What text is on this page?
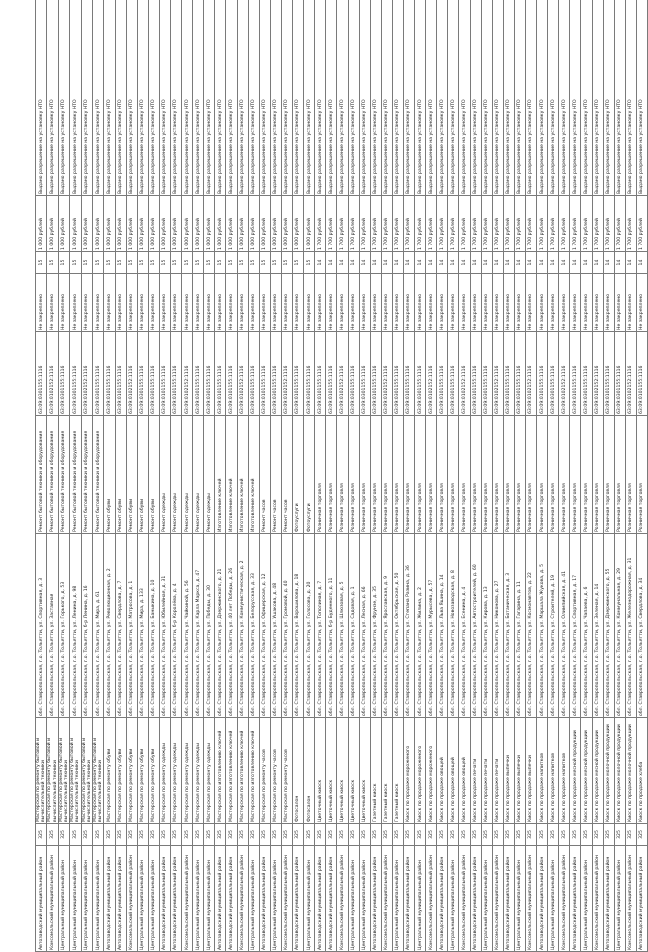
Автозаводский муниципальный район	325	Мастерская по ремонту бытовой и вычислительной техники	обл. Ставропольская, г.о. Тольятти, ул. Спортивная, д. 3	Ремонт бытовой техники и оборудования	63:09:0301155:1116	Не закреплено	15	1 000 рублей	Выдано разрешение на установку НТО
Комсомольский муниципальный район	325	Мастерская по ремонту бытовой и вычислительной техники	обл. Ставропольская, г.о. Тольятти, ул. Заставная	Ремонт бытовой техники и оборудования	63:09:0102152:1116	Не закреплено	15	1 000 рублей	Выдано разрешение на установку НТО
Центральный муниципальный район	325	Мастерская по ремонту бытовой и вычислительной техники	обл. Ставропольская, г.о. Тольятти, ул. Горького, д. 53	Ремонт бытовой техники и оборудования	63:09:0301155:1116	Не закреплено	15	1 000 рублей	Выдано разрешение на установку НТО
Центральный муниципальный район	325	Мастерская по ремонту бытовой и вычислительной техники	обл. Ставропольская, г.о. Тольятти, ул. Ленина, д. 98	Ремонт бытовой техники и оборудования	63:09:0301155:1116	Не закреплено	15	1 000 рублей	Выдано разрешение на установку НТО
Центральный муниципальный район	325	Мастерская по ремонту бытовой и вычислительной техники	обл. Ставропольская, г.о. Тольятти, б-р Ленина, д. 16	Ремонт бытовой техники и оборудования	63:09:0102152:1116	Не закреплено	15	1 000 рублей	Выдано разрешение на установку НТО
Центральный муниципальный район	325	Мастерская по ремонту бытовой и вычислительной техники	обл. Ставропольская, г.о. Тольятти, ул. Мира, д. 61	Ремонт бытовой техники и оборудования	63:09:0301155:1116	Не закреплено	15	1 000 рублей	Выдано разрешение на установку НТО
Автозаводский муниципальный район	325	Мастерская по ремонту обуви	обл. Ставропольская, г.о. Тольятти, ул. Революционная, д. 2	Ремонт обуви	63:09:0101155:1116	Не закреплено	15	1 000 рублей	Выдано разрешение на установку НТО
Автозаводский муниципальный район	325	Мастерская по ремонту обуви	обл. Ставропольская, г.о. Тольятти, ул. Свердлова, д. 7	Ремонт обуви	63:09:0101155:1116	Не закреплено	15	1 000 рублей	Выдано разрешение на установку НТО
Комсомольский муниципальный район	325	Мастерская по ремонту обуви	обл. Ставропольская, г.о. Тольятти, ул. Матросова, д. 1	Ремонт обуви	63:09:0102152:1116	Не закреплено	15	1 000 рублей	Выдано разрешение на установку НТО
Центральный муниципальный район	325	Мастерская по ремонту обуви	обл. Ставропольская, г.о. Тольятти, ул. Мира, д. 133	Ремонт обуви	63:09:0301155:1116	Не закреплено	15	1 000 рублей	Выдано разрешение на установку НТО
Центральный муниципальный район	325	Мастерская по ремонту обуви	обл. Ставропольская, г.о. Тольятти, ул. Баныкина, д. 10	Ремонт обуви	63:09:0301155:1116	Не закреплено	15	1 000 рублей	Выдано разрешение на установку НТО
Автозаводский муниципальный район	325	Мастерская по ремонту одежды	обл. Ставропольская, г.о. Тольятти, ул. Юбилейная, д. 31	Ремонт одежды	63:09:0101155:1116	Не закреплено	15	1 000 рублей	Выдано разрешение на установку НТО
Автозаводский муниципальный район	325	Мастерская по ремонту одежды	обл. Ставропольская, г.о. Тольятти, б-р Королёва, д. 4	Ремонт одежды	63:09:0101155:1116	Не закреплено	15	1 000 рублей	Выдано разрешение на установку НТО
Комсомольский муниципальный район	325	Мастерская по ремонту одежды	обл. Ставропольская, г.о. Тольятти, ул. Чайкиной, д. 56	Ремонт одежды	63:09:0102152:1116	Не закреплено	15	1 000 рублей	Выдано разрешение на установку НТО
Центральный муниципальный район	325	Мастерская по ремонту одежды	обл. Ставропольская, г.о. Тольятти, ул. Карла Маркса, д. 47	Ремонт одежды	63:09:0301155:1116	Не закреплено	15	1 000 рублей	Выдано разрешение на установку НТО
Центральный муниципальный район	325	Мастерская по ремонту одежды	обл. Ставропольская, г.о. Тольятти, ул. Победы, д. 30	Ремонт одежды	63:09:0301155:1116	Не закреплено	15	1 000 рублей	Выдано разрешение на установку НТО
Автозаводский муниципальный район	325	Мастерская по изготовлению ключей	обл. Ставропольская, г.о. Тольятти, ул. Дзержинского, д. 21	Изготовление ключей	63:09:0101155:1116	Не закреплено	15	1 000 рублей	Выдано разрешение на установку НТО
Автозаводский муниципальный район	325	Мастерская по изготовлению ключей	обл. Ставропольская, г.о. Тольятти, ул. 40 лет Победы, д. 26	Изготовление ключей	63:09:0101155:1116	Не закреплено	15	1 000 рублей	Выдано разрешение на установку НТО
Комсомольский муниципальный район	325	Мастерская по изготовлению ключей	обл. Ставропольская, г.о. Тольятти, ул. Коммунистическая, д. 2	Изготовление ключей	63:09:0102152:1116	Не закреплено	15	1 000 рублей	Выдано разрешение на установку НТО
Центральный муниципальный район	325	Мастерская по изготовлению ключей	обл. Ставропольская, г.о. Тольятти, ул. Белорусская, д. 33	Изготовление ключей	63:09:0301155:1116	Не закреплено	15	1 000 рублей	Выдано разрешение на установку НТО
Автозаводский муниципальный район	325	Мастерская по ремонту часов	обл. Ставропольская, г.о. Тольятти, ул. Офицерская, д. 12	Ремонт часов	63:09:0101155:1116	Не закреплено	15	1 000 рублей	Выдано разрешение на установку НТО
Центральный муниципальный район	325	Мастерская по ремонту часов	обл. Ставропольская, г.о. Тольятти, ул. Ушакова, д. 48	Ремонт часов	63:09:0301155:1116	Не закреплено	15	1 000 рублей	Выдано разрешение на установку НТО
Комсомольский муниципальный район	325	Мастерская по ремонту часов	обл. Ставропольская, г.о. Тольятти, ул. Громовой, д. 40	Ремонт часов	63:09:0102152:1116	Не закреплено	15	1 000 рублей	Выдано разрешение на установку НТО
Автозаводский муниципальный район	325	Фотосалон	обл. Ставропольская, г.о. Тольятти, ул. Ворошилова, д. 18	Фотоуслуги	63:09:0101155:1116	Не закреплено	15	1 000 рублей	Выдано разрешение на установку НТО
Центральный муниципальный район	325	Фотосалон	обл. Ставропольская, г.о. Тольятти, ул. Голосова, д. 20	Фотоуслуги	63:09:0301155:1116	Не закреплено	15	1 000 рублей	Выдано разрешение на установку НТО
Автозаводский муниципальный район	325	Цветочный киоск	обл. Ставропольская, г.о. Тольятти, ул. Тополиная, д. 7	Розничная торговля	63:09:0101155:1116	Не закреплено	14	1 700 рублей	Выдано разрешение на установку НТО
Автозаводский муниципальный район	325	Цветочный киоск	обл. Ставропольская, г.о. Тольятти, б-р Буденного, д. 11	Розничная торговля	63:09:0101155:1116	Не закреплено	14	1 700 рублей	Выдано разрешение на установку НТО
Комсомольский муниципальный район	325	Цветочный киоск	обл. Ставропольская, г.о. Тольятти, ул. Шлюзовая, д. 5	Розничная торговля	63:09:0102152:1116	Не закреплено	14	1 700 рублей	Выдано разрешение на установку НТО
Центральный муниципальный район	325	Цветочный киоск	обл. Ставропольская, г.о. Тольятти, ул. Садовая, д. 1	Розничная торговля	63:09:0301155:1116	Не закреплено	14	1 700 рублей	Выдано разрешение на установку НТО
Центральный муниципальный район	325	Цветочный киоск	обл. Ставропольская, г.о. Тольятти, ул. Лесная, д. 66	Розничная торговля	63:09:0301155:1116	Не закреплено	14	1 700 рублей	Выдано разрешение на установку НТО
Автозаводский муниципальный район	325	Газетный киоск	обл. Ставропольская, г.о. Тольятти, ул. Фрунзе, д. 35	Розничная торговля	63:09:0101155:1116	Не закреплено	14	1 700 рублей	Выдано разрешение на установку НТО
Комсомольский муниципальный район	325	Газетный киоск	обл. Ставропольская, г.о. Тольятти, ул. Ярославская, д. 9	Розничная торговля	63:09:0102152:1116	Не закреплено	14	1 700 рублей	Выдано разрешение на установку НТО
Центральный муниципальный район	325	Газетный киоск	обл. Ставропольская, г.о. Тольятти, ул. Октябрьская, д. 50	Розничная торговля	63:09:0301155:1116	Не закреплено	14	1 700 рублей	Выдано разрешение на установку НТО
Автозаводский муниципальный район	325	Киоск по продаже мороженого	обл. Ставропольская, г.о. Тольятти, ул. Степана Разина, д. 36	Розничная торговля	63:09:0101155:1116	Не закреплено	14	1 700 рублей	Выдано разрешение на установку НТО
Центральный муниципальный район	325	Киоск по продаже мороженого	обл. Ставропольская, г.о. Тольятти, ул. Жилина, д. 2	Розничная торговля	63:09:0301155:1116	Не закреплено	14	1 700 рублей	Выдано разрешение на установку НТО
Комсомольский муниципальный район	325	Киоск по продаже мороженого	обл. Ставропольская, г.о. Тольятти, ул. Мурысева, д. 57	Розничная торговля	63:09:0102152:1116	Не закреплено	14	1 700 рублей	Выдано разрешение на установку НТО
Автозаводский муниципальный район	325	Киоск по продаже овощей	обл. Ставропольская, г.о. Тольятти, ул. Льва Яшина, д. 14	Розничная торговля	63:09:0101155:1116	Не закреплено	14	1 700 рублей	Выдано разрешение на установку НТО
Центральный муниципальный район	325	Киоск по продаже овощей	обл. Ставропольская, г.о. Тольятти, ул. Новозаводская, д. 8	Розничная торговля	63:09:0301155:1116	Не закреплено	14	1 700 рублей	Выдано разрешение на установку НТО
Комсомольский муниципальный район	325	Киоск по продаже овощей	обл. Ставропольская, г.о. Тольятти, ул. Есенина, д. 4	Розничная торговля	63:09:0102152:1116	Не закреплено	14	1 700 рублей	Выдано разрешение на установку НТО
Автозаводский муниципальный район	325	Киоск по продаже печати	обл. Ставропольская, г.о. Тольятти, ул. Автостроителей, д. 60	Розничная торговля	63:09:0101155:1116	Не закреплено	14	1 700 рублей	Выдано разрешение на установку НТО
Центральный муниципальный район	325	Киоск по продаже печати	обл. Ставропольская, г.о. Тольятти, ул. Кирова, д. 13	Розничная торговля	63:09:0301155:1116	Не закреплено	14	1 700 рублей	Выдано разрешение на установку НТО
Комсомольский муниципальный район	325	Киоск по продаже печати	обл. Ставропольская, г.о. Тольятти, ул. Никонова, д. 27	Розничная торговля	63:09:0102152:1116	Не закреплено	14	1 700 рублей	Выдано разрешение на установку НТО
Автозаводский муниципальный район	325	Киоск по продаже выпечки	обл. Ставропольская, г.о. Тольятти, ул. Ботаническая, д. 3	Розничная торговля	63:09:0101155:1116	Не закреплено	14	1 700 рублей	Выдано разрешение на установку НТО
Центральный муниципальный район	325	Киоск по продаже выпечки	обл. Ставропольская, г.о. Тольятти, ул. Гагарина, д. 11	Розничная торговля	63:09:0301155:1116	Не закреплено	14	1 700 рублей	Выдано разрешение на установку НТО
Комсомольский муниципальный район	325	Киоск по продаже выпечки	обл. Ставропольская, г.о. Тольятти, ул. Космонавтов, д. 22	Розничная торговля	63:09:0102152:1116	Не закреплено	14	1 700 рублей	Выдано разрешение на установку НТО
Автозаводский муниципальный район	325	Киоск по продаже напитков	обл. Ставропольская, г.о. Тольятти, ул. Маршала Жукова, д. 5	Розничная торговля	63:09:0101155:1116	Не закреплено	14	1 700 рублей	Выдано разрешение на установку НТО
Центральный муниципальный район	325	Киоск по продаже напитков	обл. Ставропольская, г.о. Тольятти, ул. Строителей, д. 19	Розничная торговля	63:09:0301155:1116	Не закреплено	14	1 700 рублей	Выдано разрешение на установку НТО
Комсомольский муниципальный район	325	Киоск по продаже напитков	обл. Ставропольская, г.о. Тольятти, ул. Олимпийская, д. 41	Розничная торговля	63:09:0102152:1116	Не закреплено	14	1 700 рублей	Выдано разрешение на установку НТО
Автозаводский муниципальный район	325	Киоск по продаже мясной продукции	обл. Ставропольская, г.о. Тольятти, ул. Спортивная, д. 17	Розничная торговля	63:09:0101155:1116	Не закреплено	14	1 700 рублей	Выдано разрешение на установку НТО
Центральный муниципальный район	325	Киоск по продаже мясной продукции	обл. Ставропольская, г.о. Тольятти, ул. Чапаева, д. 6	Розничная торговля	63:09:0301155:1116	Не закреплено	14	1 700 рублей	Выдано разрешение на установку НТО
Комсомольский муниципальный район	325	Киоск по продаже мясной продукции	обл. Ставропольская, г.о. Тольятти, ул. Зеленая, д. 14	Розничная торговля	63:09:0102152:1116	Не закреплено	14	1 700 рублей	Выдано разрешение на установку НТО
Автозаводский муниципальный район	325	Киоск по продаже молочной продукции	обл. Ставропольская, г.о. Тольятти, ул. Дзержинского, д. 55	Розничная торговля	63:09:0101155:1116	Не закреплено	14	1 700 рублей	Выдано разрешение на установку НТО
Центральный муниципальный район	325	Киоск по продаже молочной продукции	обл. Ставропольская, г.о. Тольятти, ул. Коммунальная, д. 29	Розничная торговля	63:09:0301155:1116	Не закреплено	14	1 700 рублей	Выдано разрешение на установку НТО
Комсомольский муниципальный район	325	Киоск по продаже молочной продукции	обл. Ставропольская, г.о. Тольятти, ул. Железнодорожная, д. 31	Розничная торговля	63:09:0102152:1116	Не закреплено	14	1 700 рублей	Выдано разрешение на установку НТО
Автозаводский муниципальный район	325	Киоск по продаже хлеба	обл. Ставропольская, г.о. Тольятти, ул. Свердлова, д. 34	Розничная торговля	63:09:0101155:1116	Не закреплено	14	1 700 рублей	Выдано разрешение на установку НТО
